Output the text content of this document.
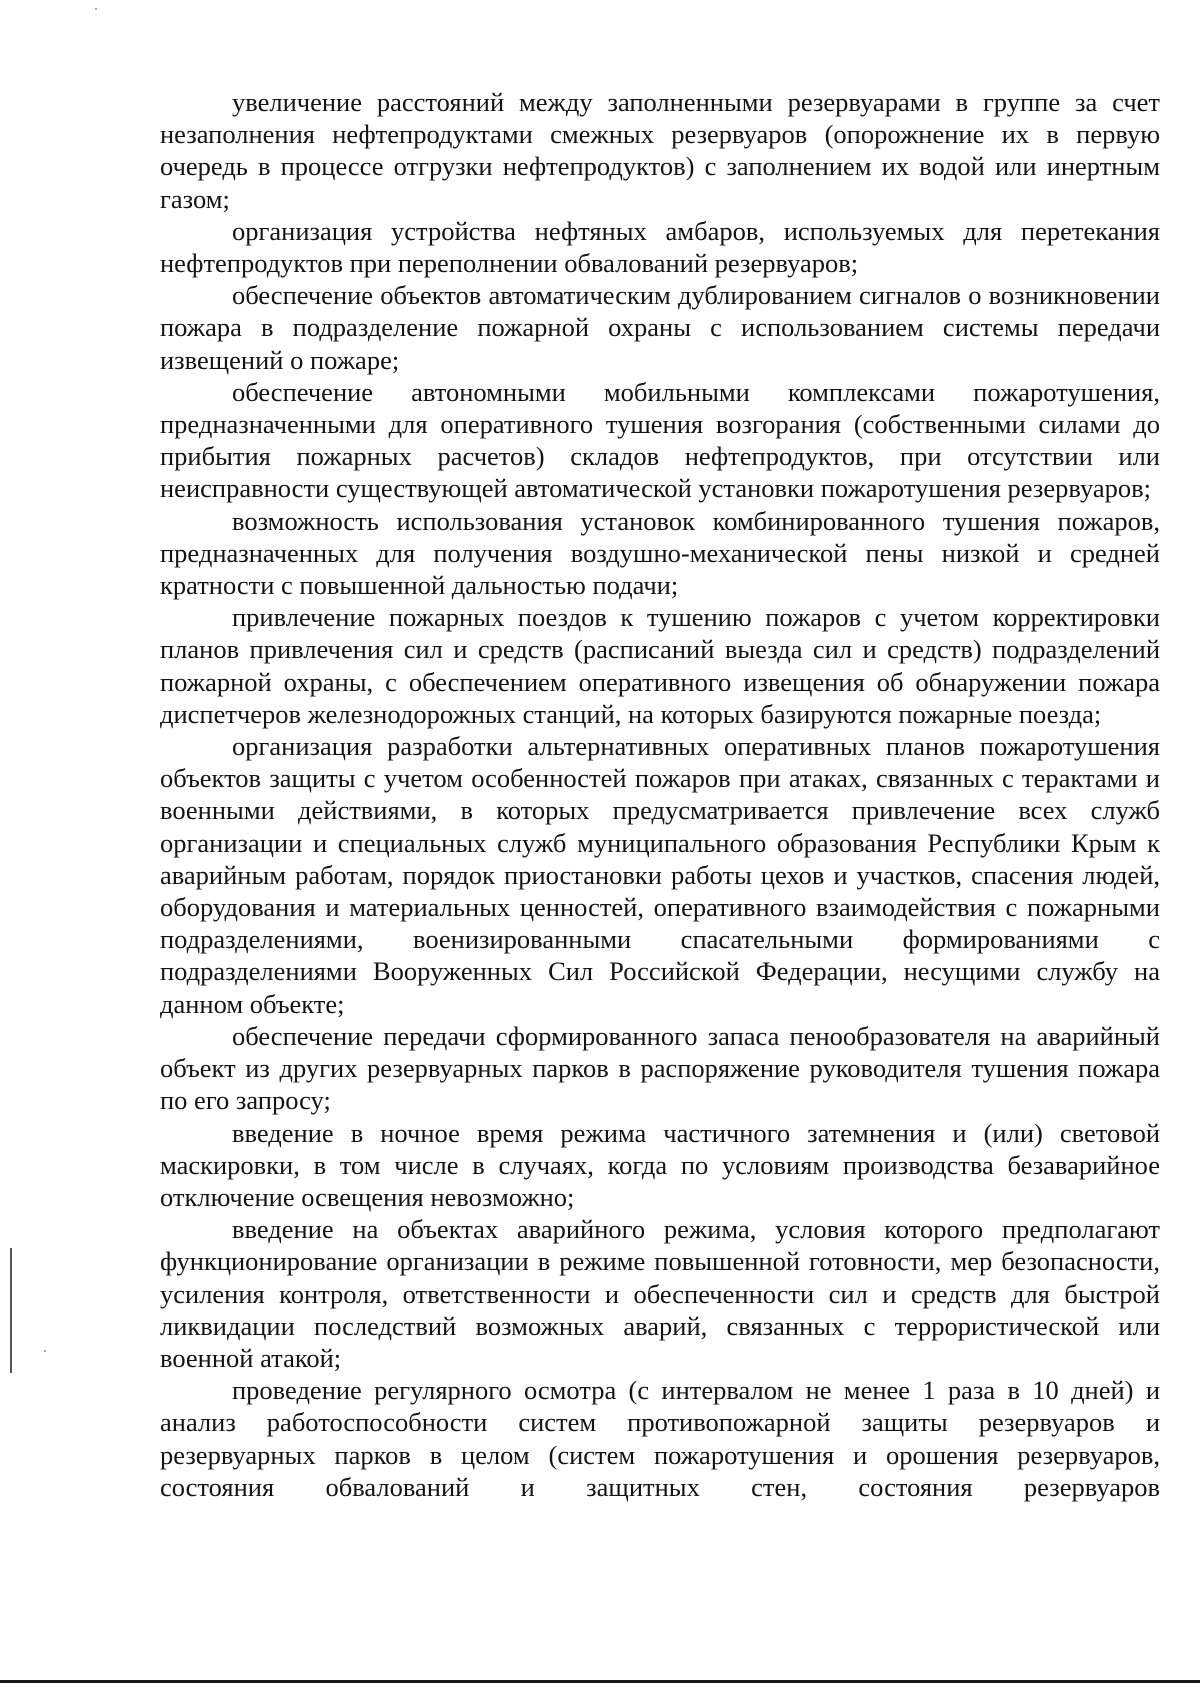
увеличение расстояний между заполненными резервуарами в группе за счет незаполнения нефтепродуктами смежных резервуаров (опорожнение их в первую очередь в процессе отгрузки нефтепродуктов) с заполнением их водой или инертным газом;

организация устройства нефтяных амбаров, используемых для перетекания нефтепродуктов при переполнении обвалований резервуаров;

обеспечение объектов автоматическим дублированием сигналов о возникновении пожара в подразделение пожарной охраны с использованием системы передачи извещений о пожаре;

обеспечение автономными мобильными комплексами пожаротушения, предназначенными для оперативного тушения возгорания (собственными силами до прибытия пожарных расчетов) складов нефтепродуктов, при отсутствии или неисправности существующей автоматической установки пожаротушения резервуаров;

возможность использования установок комбинированного тушения пожаров, предназначенных для получения воздушно-механической пены низкой и средней кратности с повышенной дальностью подачи;

привлечение пожарных поездов к тушению пожаров с учетом корректировки планов привлечения сил и средств (расписаний выезда сил и средств) подразделений пожарной охраны, с обеспечением оперативного извещения об обнаружении пожара диспетчеров железнодорожных станций, на которых базируются пожарные поезда;

организация разработки альтернативных оперативных планов пожаротушения объектов защиты с учетом особенностей пожаров при атаках, связанных с терактами и военными действиями, в которых предусматривается привлечение всех служб организации и специальных служб муниципального образования Республики Крым к аварийным работам, порядок приостановки работы цехов и участков, спасения людей, оборудования и материальных ценностей, оперативного взаимодействия с пожарными подразделениями, военизированными спасательными формированиями с подразделениями Вооруженных Сил Российской Федерации, несущими службу на данном объекте;

обеспечение передачи сформированного запаса пенообразователя на аварийный объект из других резервуарных парков в распоряжение руководителя тушения пожара по его запросу;

введение в ночное время режима частичного затемнения и (или) световой маскировки, в том числе в случаях, когда по условиям производства безаварийное отключение освещения невозможно;

введение на объектах аварийного режима, условия которого предполагают функционирование организации в режиме повышенной готовности, мер безопасности, усиления контроля, ответственности и обеспеченности сил и средств для быстрой ликвидации последствий возможных аварий, связанных с террористической или военной атакой;

проведение регулярного осмотра (с интервалом не менее 1 раза в 10 дней) и анализ работоспособности систем противопожарной защиты резервуаров и резервуарных парков в целом (систем пожаротушения и орошения резервуаров, состояния обвалований и защитных стен, состояния резервуаров
